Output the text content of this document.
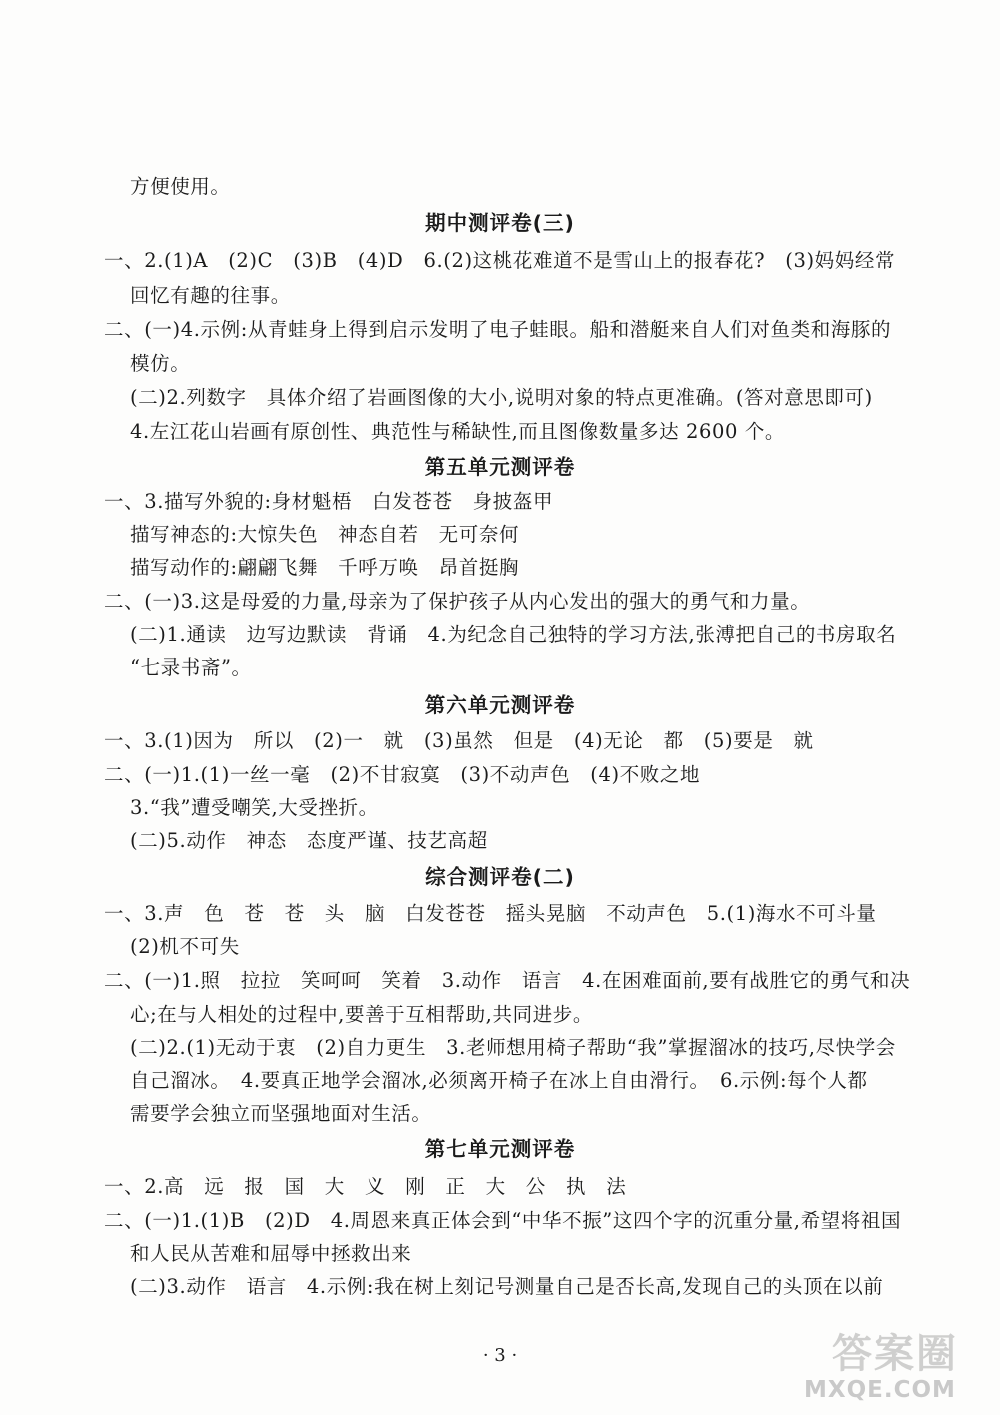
方便使用。
期中测评卷(三)
一、2.(1)A　(2)C　(3)B　(4)D　6.(2)这桃花难道不是雪山上的报春花?　(3)妈妈经常
回忆有趣的往事。
二、(一)4.示例:从青蛙身上得到启示发明了电子蛙眼。船和潜艇来自人们对鱼类和海豚的
模仿。
(二)2.列数字　具体介绍了岩画图像的大小,说明对象的特点更准确。(答对意思即可)
4.左江花山岩画有原创性、典范性与稀缺性,而且图像数量多达 2600 个。
第五单元测评卷
一、3.描写外貌的:身材魁梧　白发苍苍　身披盔甲
描写神态的:大惊失色　神态自若　无可奈何
描写动作的:翩翩飞舞　千呼万唤　昂首挺胸
二、(一)3.这是母爱的力量,母亲为了保护孩子从内心发出的强大的勇气和力量。
(二)1.通读　边写边默读　背诵　4.为纪念自己独特的学习方法,张溥把自己的书房取名
“七录书斋”。
第六单元测评卷
一、3.(1)因为　所以　(2)一　就　(3)虽然　但是　(4)无论　都　(5)要是　就
二、(一)1.(1)一丝一毫　(2)不甘寂寞　(3)不动声色　(4)不败之地
3.“我”遭受嘲笑,大受挫折。
(二)5.动作　神态　态度严谨、技艺高超
综合测评卷(二)
一、3.声　色　苍　苍　头　脑　白发苍苍　摇头晃脑　不动声色　5.(1)海水不可斗量
(2)机不可失
二、(一)1.照　拉拉　笑呵呵　笑着　3.动作　语言　4.在困难面前,要有战胜它的勇气和决
心;在与人相处的过程中,要善于互相帮助,共同进步。
(二)2.(1)无动于衷　(2)自力更生　3.老师想用椅子帮助“我”掌握溜冰的技巧,尽快学会
自己溜冰。　4.要真正地学会溜冰,必须离开椅子在冰上自由滑行。　6.示例:每个人都
需要学会独立而坚强地面对生活。
第七单元测评卷
一、2.高　远　报　国　大　义　刚　正　大　公　执　法
二、(一)1.(1)B　(2)D　4.周恩来真正体会到“中华不振”这四个字的沉重分量,希望将祖国
和人民从苦难和屈辱中拯救出来
(二)3.动作　语言　4.示例:我在树上刻记号测量自己是否长高,发现自己的头顶在以前
· 3 ·	答案圈
MXQE.COM
